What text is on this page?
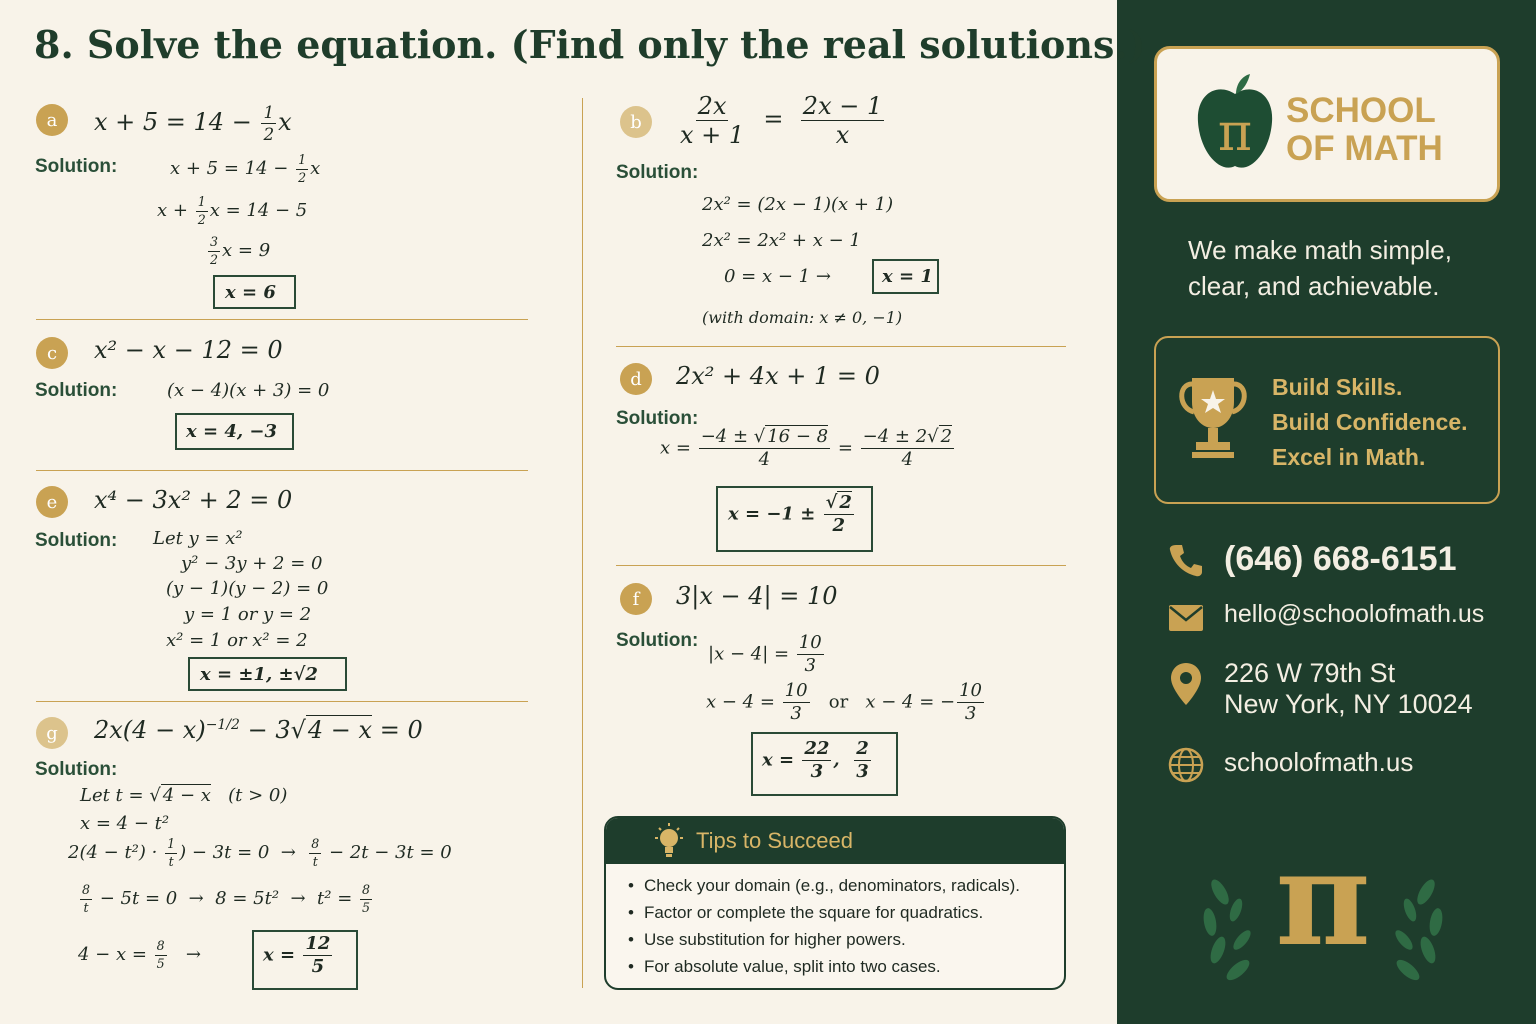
8. Solve the equation. (Find only the real solutions.)
a	$x + 5 = 14 - \frac{1}{2}$ x
Solution:	$x + 5 = 14 - \frac{1}{2}$ x
$x + \frac{1}{2}$ x = 14 − 5
$\frac{3}{2}$ x = 9
x = 6
b	$\frac{2x}{x + 1} = \frac{2x - 1}{x}$
Solution:
2x² = (2x − 1)(x + 1)
2x² = 2x² + x − 1
0 = x − 1 →	x = 1
(with domain: x ≠ 0, −1)
c	x² − x − 12 = 0
Solution:	(x − 4)(x + 3) = 0
x = 4, −3
d	2x² + 4x + 1 = 0
Solution:
$x = \frac{-4 \pm √ 16 - 8}{4} = \frac{-4 \pm 2√ 2}{4}$
$x = -1 \pm \frac{√ 2}{2}$
e	x⁴ − 3x² + 2 = 0
Solution: Let y = x²
y² − 3y + 2 = 0
(y − 1)(y − 2) = 0
y = 1 or y = 2
x² = 1 or x² = 2
x = ±1, ±√2
f	3|x − 4| = 10
Solution:
$|x - 4| = \frac{10}{3}$
$x - 4 = \frac{10}{3}$ or   x − 4 = − $\frac{10}{3}$
$x = \frac{22}{3}$ , $\frac{2}{3}$
g	$2x(4 - x)^{-1/2} - 3√4 - x = 0$
Solution:
Let t = √ 4 − x   (t > 0)
x = 4 − t²
$2(4 - t^2) \cdot \frac{1}{t}$ ) − $3t = 0 \to \frac{8}{t} - 2t - 3t = 0$
$\frac{8}{t} - 5t = 0 \to 8 = 5t^2 \to t^2 = \frac{8}{5}$
$4 - x = \frac{8}{5}$ →	$x = \frac{12}{5}$
Tips to Succeed
• Check your domain (e.g., denominators, radicals).
• Factor or complete the square for quadratics.
• Use substitution for higher powers.
• For absolute value, split into two cases.
π SCHOOL
OF MATH
We make math simple,
clear, and achievable.
Build Skills.
Build Confidence.
Excel in Math.
(646) 668-6151
hello@schoolofmath.us
226 W 79th St
New York, NY 10024
schoolofmath.us
π
